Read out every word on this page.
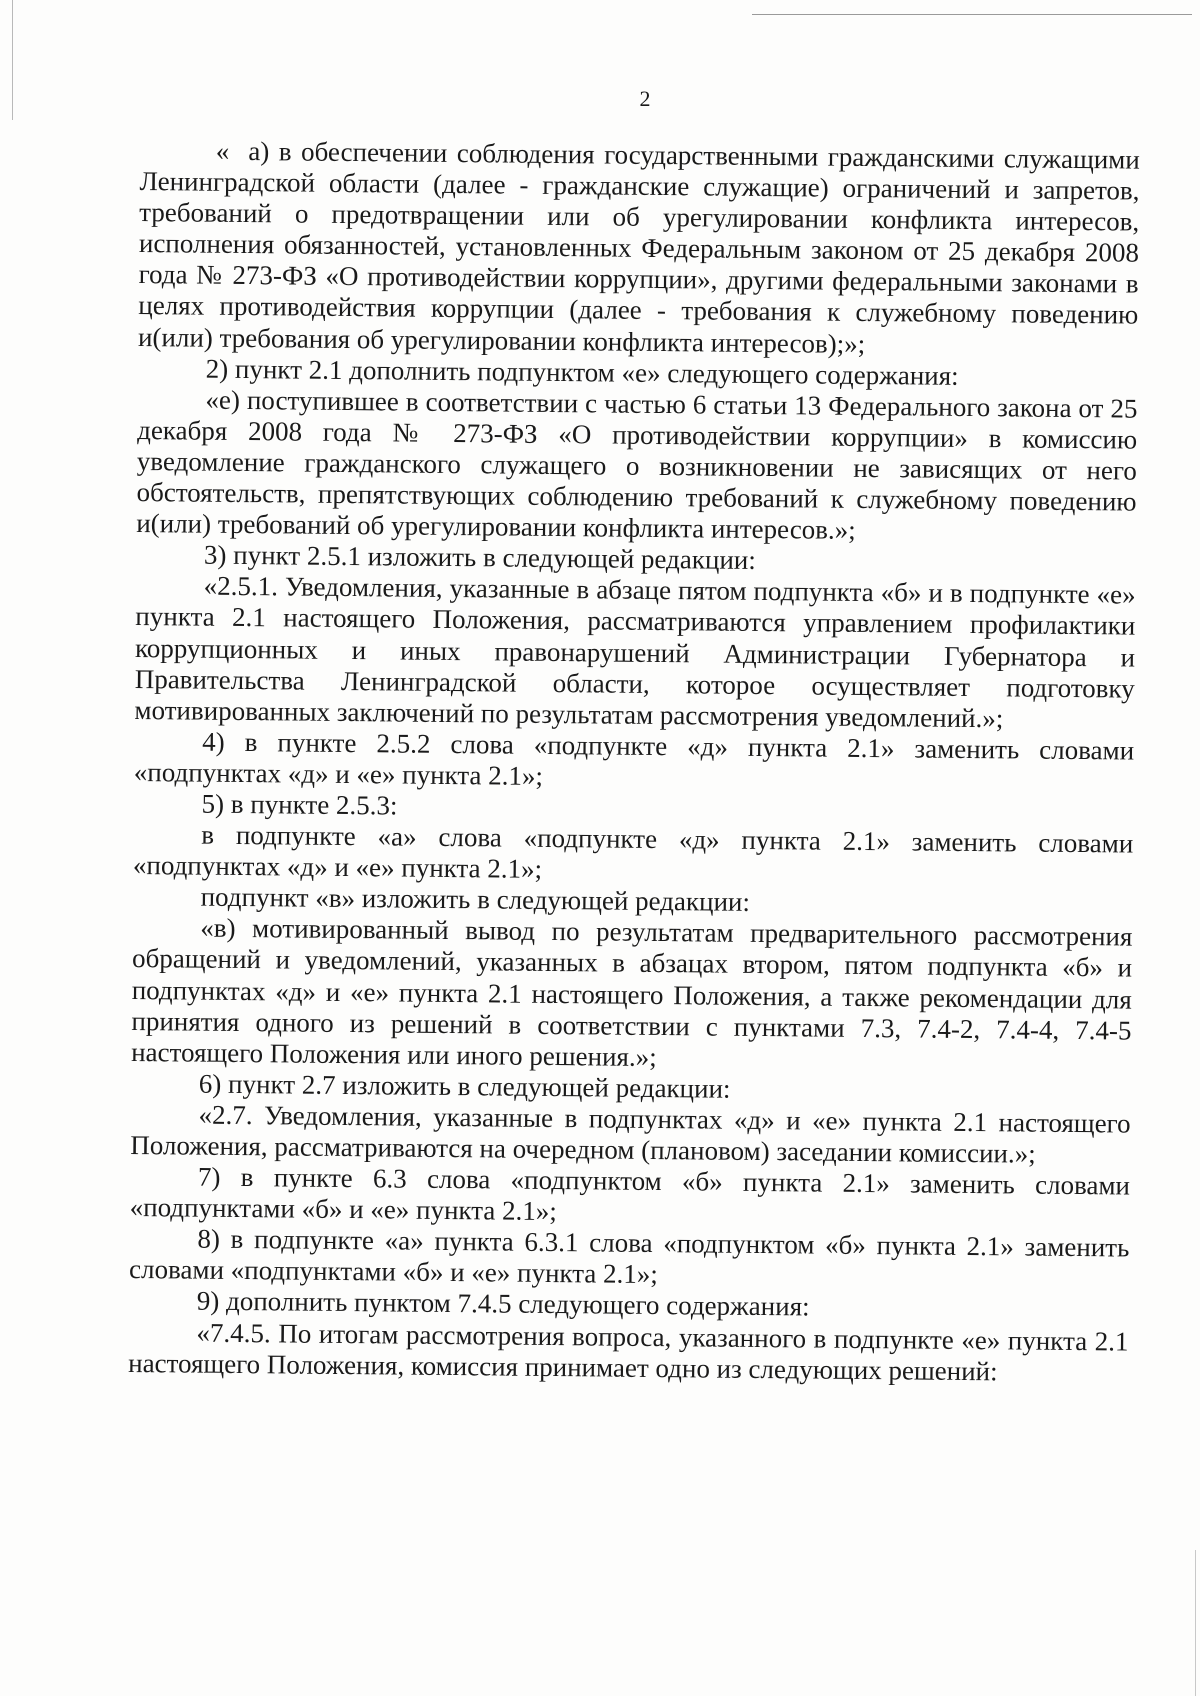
2

«  а) в обеспечении соблюдения государственными гражданскими служащими Ленинградской области (далее - гражданские служащие) ограничений и запретов, требований о предотвращении или об урегулировании конфликта интересов, исполнения обязанностей, установленных Федеральным законом от 25 декабря 2008 года № 273-ФЗ «О противодействии коррупции», другими федеральными законами в целях противодействия коррупции (далее - требования к служебному поведению и(или) требования об урегулировании конфликта интересов);»;

2) пункт 2.1 дополнить подпунктом «е» следующего содержания:

«е) поступившее в соответствии с частью 6 статьи 13 Федерального закона от 25 декабря 2008 года № 273-ФЗ «О противодействии коррупции» в комиссию уведомление гражданского служащего о возникновении не зависящих от него обстоятельств, препятствующих соблюдению требований к служебному поведению и(или) требований об урегулировании конфликта интересов.»;

3) пункт 2.5.1 изложить в следующей редакции:

«2.5.1. Уведомления, указанные в абзаце пятом подпункта «б» и в подпункте «е» пункта 2.1 настоящего Положения, рассматриваются управлением профилактики коррупционных и иных правонарушений Администрации Губернатора и Правительства Ленинградской области, которое осуществляет подготовку мотивированных заключений по результатам рассмотрения уведомлений.»;

4) в пункте 2.5.2 слова «подпункте «д» пункта 2.1» заменить словами «подпунктах «д» и «е» пункта 2.1»;

5) в пункте 2.5.3:

в подпункте «а» слова «подпункте «д» пункта 2.1» заменить словами «подпунктах «д» и «е» пункта 2.1»;

подпункт «в» изложить в следующей редакции:

«в) мотивированный вывод по результатам предварительного рассмотрения обращений и уведомлений, указанных в абзацах втором, пятом подпункта «б» и подпунктах «д» и «е» пункта 2.1 настоящего Положения, а также рекомендации для принятия одного из решений в соответствии с пунктами 7.3, 7.4-2, 7.4-4, 7.4-5 настоящего Положения или иного решения.»;

6) пункт 2.7 изложить в следующей редакции:

«2.7. Уведомления, указанные в подпунктах «д» и «е» пункта 2.1 настоящего Положения, рассматриваются на очередном (плановом) заседании комиссии.»;

7) в пункте 6.3 слова «подпунктом «б» пункта 2.1» заменить словами «подпунктами «б» и «е» пункта 2.1»;

8) в подпункте «а» пункта 6.3.1 слова «подпунктом «б» пункта 2.1» заменить словами «подпунктами «б» и «е» пункта 2.1»;

9) дополнить пунктом 7.4.5 следующего содержания:

«7.4.5. По итогам рассмотрения вопроса, указанного в подпункте «е» пункта 2.1 настоящего Положения, комиссия принимает одно из следующих решений:
